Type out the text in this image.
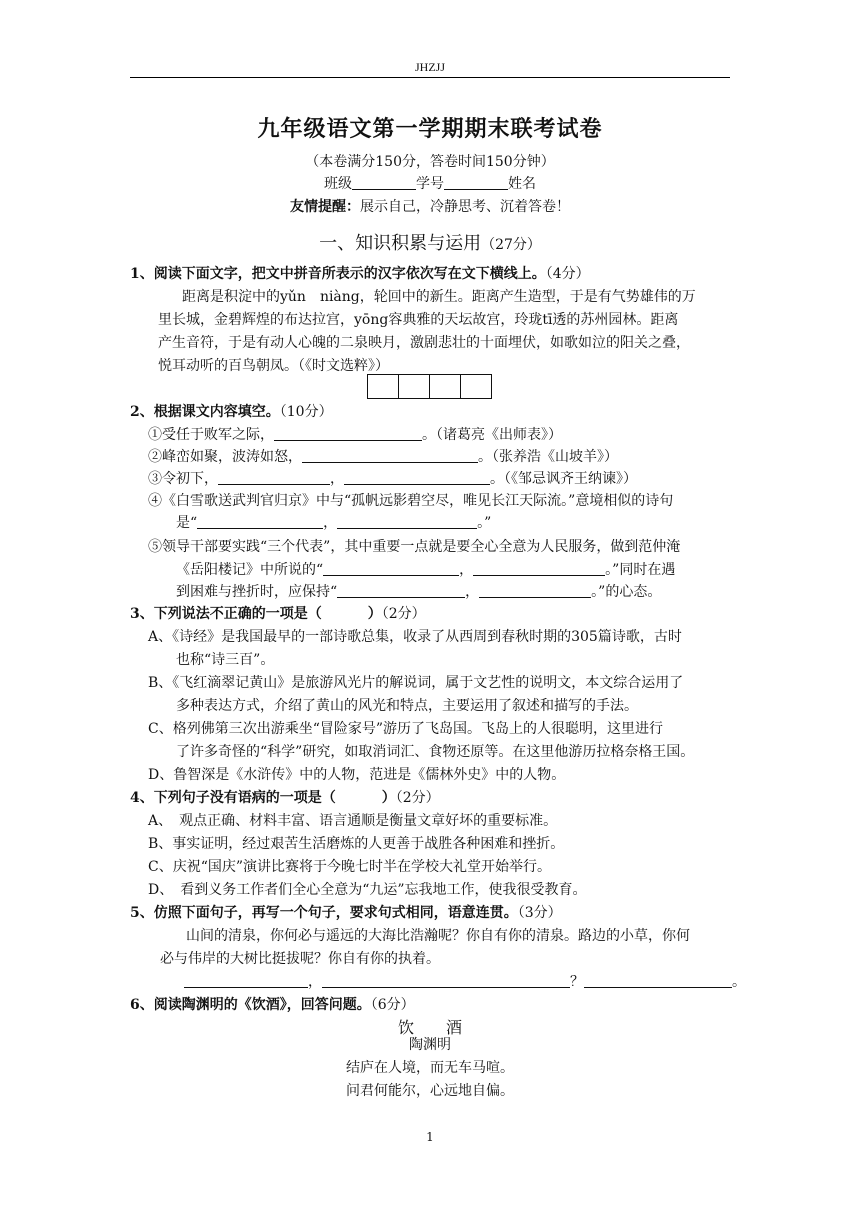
JHZJJ
九年级语文第一学期期末联考试卷
（本卷满分150分，答卷时间150分钟）
班级	学号	姓名
友情提醒：展示自己，冷静思考、沉着答卷！
一、知识积累与运用（27分）
1、阅读下面文字，把文中拼音所表示的汉字依次写在文下横线上。（4分）
距离是积淀中的yǔn　niàng，轮回中的新生。距离产生造型，于是有气势雄伟的万
里长城，金碧辉煌的布达拉宫，yōng容典雅的天坛故宫，玲珑tī透的苏州园林。距离
产生音符，于是有动人心魄的二泉映月，激剧悲壮的十面埋伏，如歌如泣的阳关之叠，
悦耳动听的百鸟朝凤。（《时文选粹》）
2、根据课文内容填空。（10分）
①受任于败军之际，	。（诸葛亮《出师表》）
②峰峦如聚，波涛如怒，	。（张养浩《山坡羊》）
③令初下，	，	。（《邹忌讽齐王纳谏》）
④《白雪歌送武判官归京》中与“孤帆远影碧空尽，唯见长江天际流。”意境相似的诗句
是“	，	。”
⑤领导干部要实践“三个代表”，其中重要一点就是要全心全意为人民服务，做到范仲淹
《岳阳楼记》中所说的“	，	。”同时在遇
到困难与挫折时，应保持“	，	。”的心态。
3、下列说法不正确的一项是（	）（2分）
A、《诗经》是我国最早的一部诗歌总集，收录了从西周到春秋时期的305篇诗歌，古时
也称“诗三百”。
B、《飞红滴翠记黄山》是旅游风光片的解说词，属于文艺性的说明文，本文综合运用了
多种表达方式，介绍了黄山的风光和特点，主要运用了叙述和描写的手法。
C、格列佛第三次出游乘坐“冒险家号”游历了飞岛国。飞岛上的人很聪明，这里进行
了许多奇怪的“科学”研究，如取消词汇、食物还原等。在这里他游历拉格奈格王国。
D、鲁智深是《水浒传》中的人物，范进是《儒林外史》中的人物。
4、下列句子没有语病的一项是（	）（2分）
A、　观点正确、材料丰富、语言通顺是衡量文章好坏的重要标准。
B、事实证明，经过艰苦生活磨炼的人更善于战胜各种困难和挫折。
C、庆祝“国庆”演讲比赛将于今晚七时半在学校大礼堂开始举行。
D、　看到义务工作者们全心全意为“九运”忘我地工作，使我很受教育。
5、仿照下面句子，再写一个句子，要求句式相同，语意连贯。（3分）
山间的清泉，你何必与遥远的大海比浩瀚呢？你自有你的清泉。路边的小草，你何
必与伟岸的大树比挺拔呢？你自有你的执着。
，	？	。
6、阅读陶渊明的《饮酒》，回答问题。（6分）
饮　　酒
陶渊明
结庐在人境，而无车马喧。
问君何能尔，心远地自偏。
1
